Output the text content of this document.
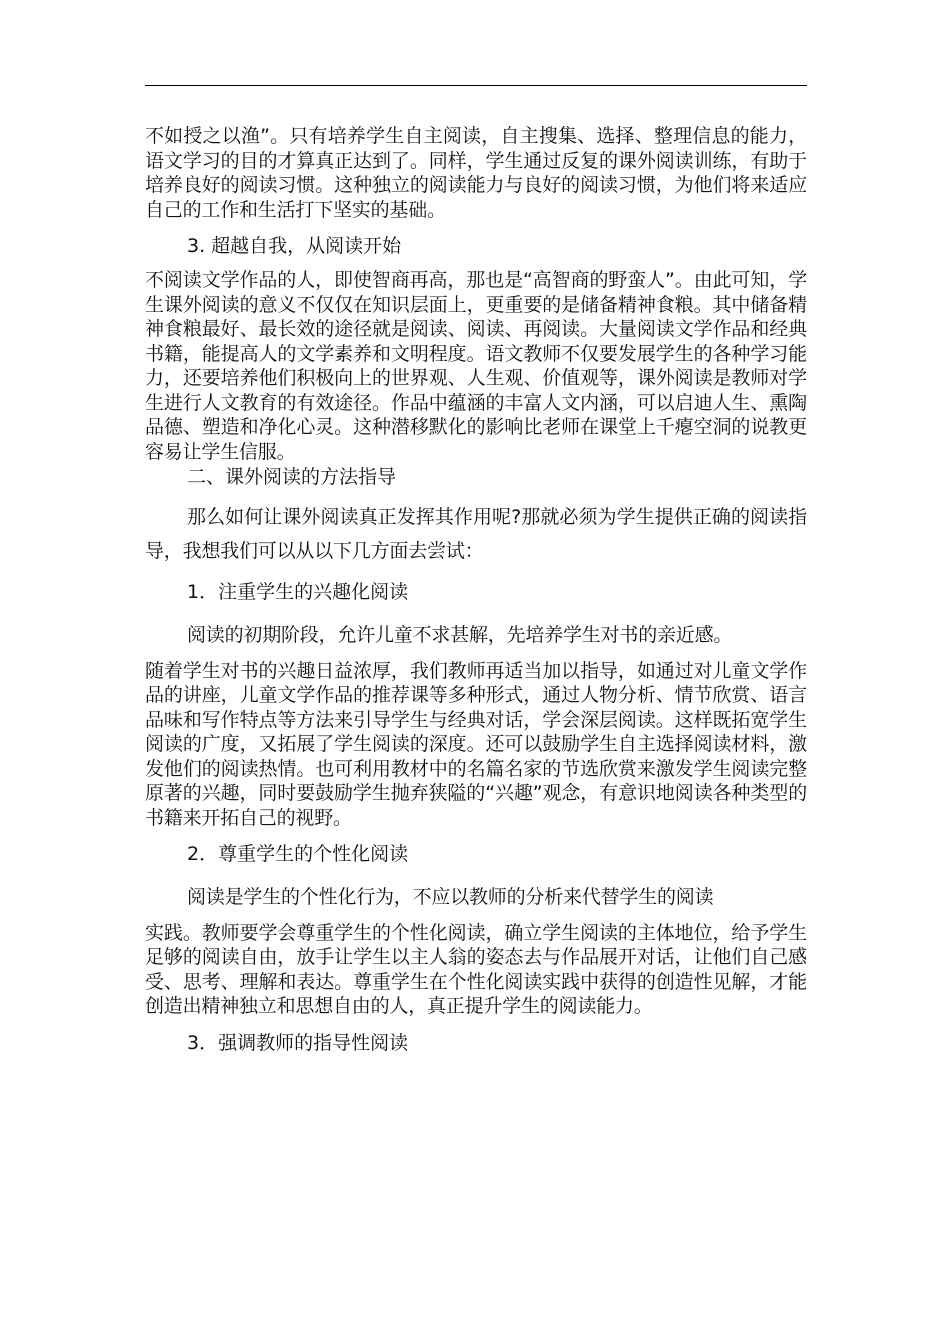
不如授之以渔”。只有培养学生自主阅读，自主搜集、选择、整理信息的能力，语文学习的目的才算真正达到了。同样，学生通过反复的课外阅读训练，有助于培养良好的阅读习惯。这种独立的阅读能力与良好的阅读习惯，为他们将来适应自己的工作和生活打下坚实的基础。

3. 超越自我，从阅读开始

不阅读文学作品的人，即使智商再高，那也是“高智商的野蛮人”。由此可知，学生课外阅读的意义不仅仅在知识层面上，更重要的是储备精神食粮。其中储备精神食粮最好、最长效的途径就是阅读、阅读、再阅读。大量阅读文学作品和经典书籍，能提高人的文学素养和文明程度。语文教师不仅要发展学生的各种学习能力，还要培养他们积极向上的世界观、人生观、价值观等，课外阅读是教师对学生进行人文教育的有效途径。作品中蕴涵的丰富人文内涵，可以启迪人生、熏陶品德、塑造和净化心灵。这种潜移默化的影响比老师在课堂上千瘪空洞的说教更容易让学生信服。

二、课外阅读的方法指导

那么如何让课外阅读真正发挥其作用呢?那就必须为学生提供正确的阅读指导，我想我们可以从以下几方面去尝试：

1．注重学生的兴趣化阅读

阅读的初期阶段，允许儿童不求甚解，先培养学生对书的亲近感。

随着学生对书的兴趣日益浓厚，我们教师再适当加以指导，如通过对儿童文学作品的讲座，儿童文学作品的推荐课等多种形式，通过人物分析、情节欣赏、语言品味和写作特点等方法来引导学生与经典对话，学会深层阅读。这样既拓宽学生阅读的广度，又拓展了学生阅读的深度。还可以鼓励学生自主选择阅读材料，激发他们的阅读热情。也可利用教材中的名篇名家的节选欣赏来激发学生阅读完整原著的兴趣，同时要鼓励学生抛弃狭隘的“兴趣”观念，有意识地阅读各种类型的书籍来开拓自己的视野。

2．尊重学生的个性化阅读

阅读是学生的个性化行为，不应以教师的分析来代替学生的阅读

实践。教师要学会尊重学生的个性化阅读，确立学生阅读的主体地位，给予学生足够的阅读自由，放手让学生以主人翁的姿态去与作品展开对话，让他们自己感受、思考、理解和表达。尊重学生在个性化阅读实践中获得的创造性见解，才能创造出精神独立和思想自由的人，真正提升学生的阅读能力。

3．强调教师的指导性阅读
